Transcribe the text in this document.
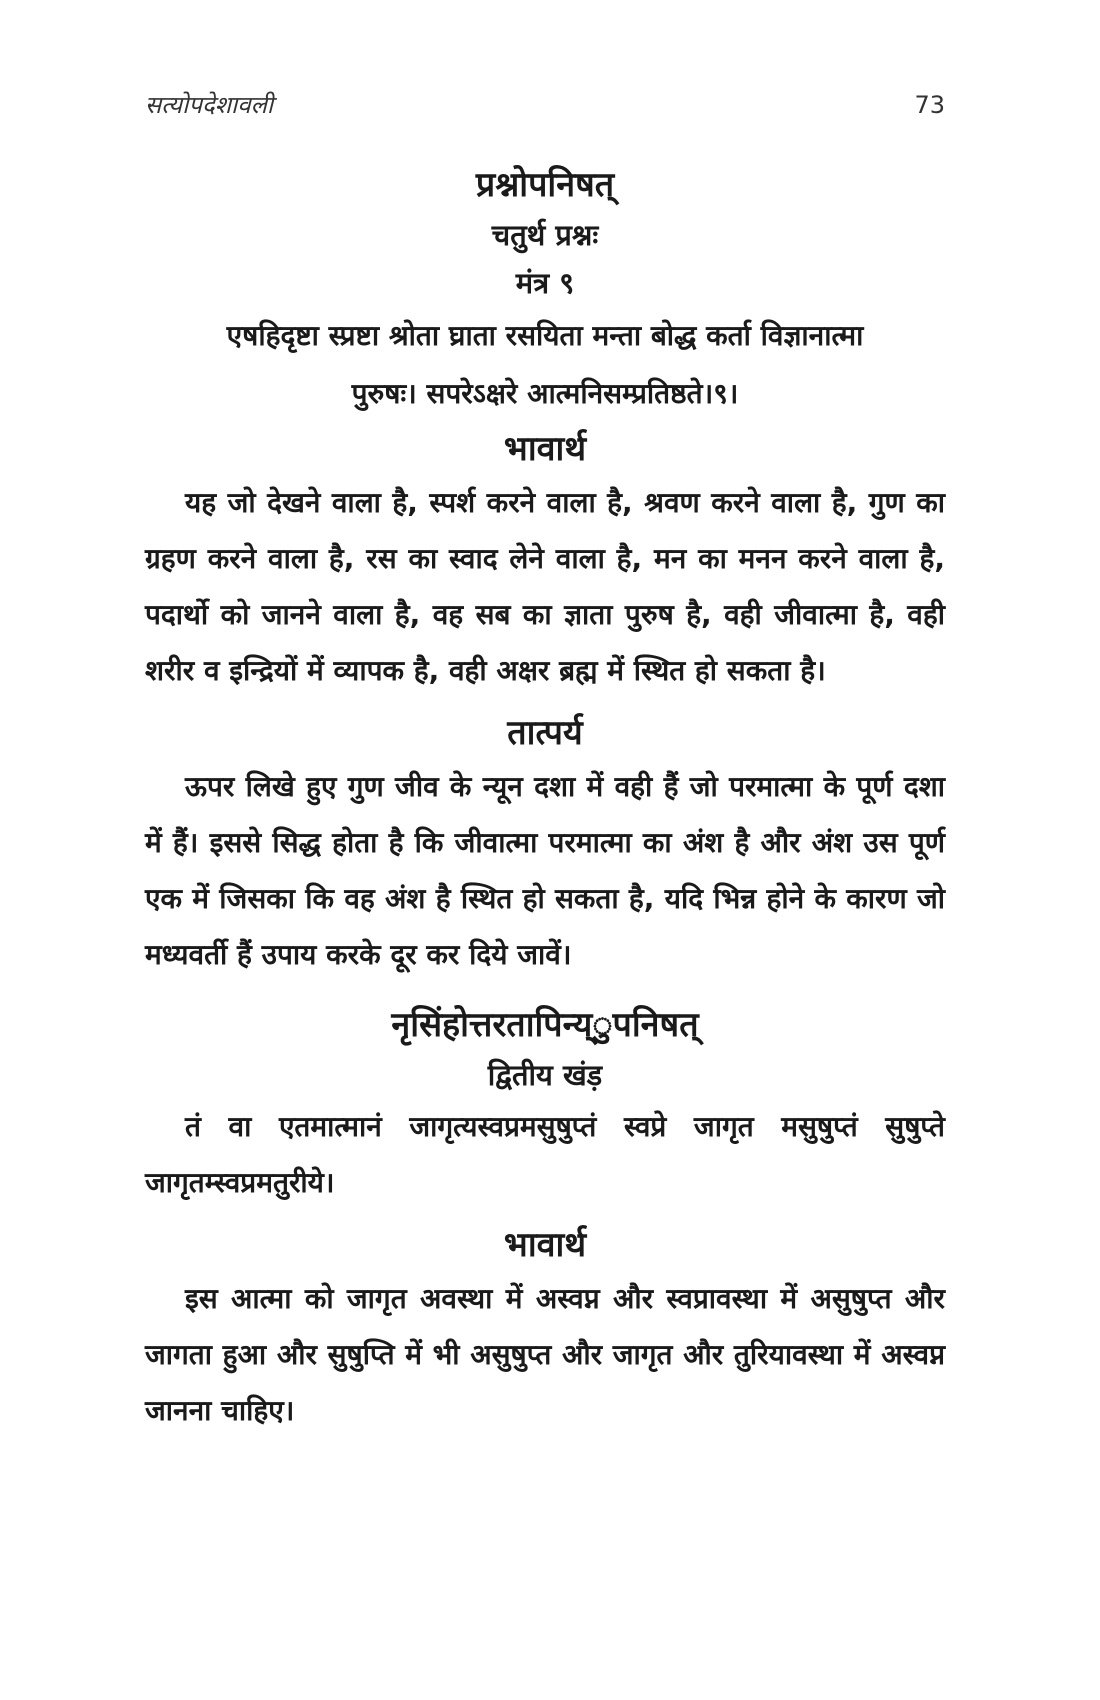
सत्योपदेशावली	73
प्रश्नोपनिषत्
चतुर्थ प्रश्नः
मंत्र ९

एषहिदृष्टा स्प्रष्टा श्रोता घ्राता रसयिता मन्ता बोद्ध कर्ता विज्ञानात्मा

पुरुषः। सपरेऽक्षरे आत्मनिसम्प्रतिष्ठते।९।

भावार्थ

यह जो देखने वाला है, स्पर्श करने वाला है, श्रवण करने वाला है, गुण का ग्रहण करने वाला है, रस का स्वाद लेने वाला है, मन का मनन करने वाला है, पदार्थो को जानने वाला है, वह सब का ज्ञाता पुरुष है, वही जीवात्मा है, वही शरीर व इन्द्रियों में व्यापक है, वही अक्षर ब्रह्म में स्थित हो सकता है।

तात्पर्य

ऊपर लिखे हुए गुण जीव के न्यून दशा में वही हैं जो परमात्मा के पूर्ण दशा में हैं। इससे सिद्ध होता है कि जीवात्मा परमात्मा का अंश है और अंश उस पूर्ण एक में जिसका कि वह अंश है स्थित हो सकता है, यदि भिन्न होने के कारण जो मध्यवर्ती हैं उपाय करके दूर कर दिये जावें।

नृसिंहोत्तरतापिन्य्‌ुपनिषत्
द्वितीय खंड़

तं वा एतमात्मानं जागृत्यस्वप्रमसुषुप्तं स्वप्रे जागृत मसुषुप्तं सुषुप्ते जागृतम्स्वप्रमतुरीये।

भावार्थ

इस आत्मा को जागृत अवस्था में अस्वप्न और स्वप्रावस्था में असुषुप्त और जागता हुआ और सुषुप्ति में भी असुषुप्त और जागृत और तुरियावस्था में अस्वप्न जानना चाहिए।
